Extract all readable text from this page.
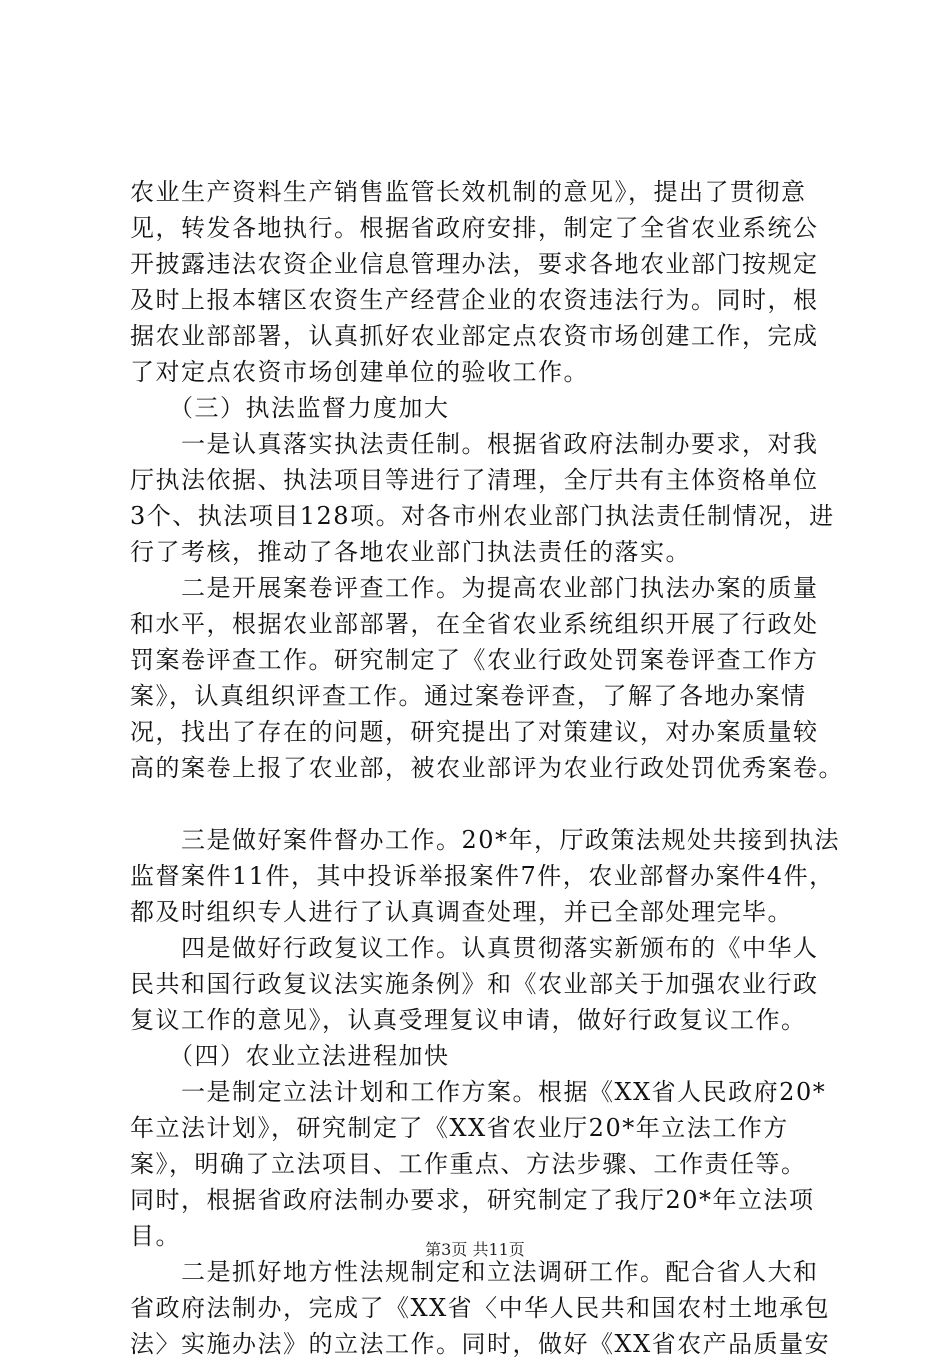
农业生产资料生产销售监管长效机制的意见》，提出了贯彻意
见，转发各地执行。根据省政府安排，制定了全省农业系统公
开披露违法农资企业信息管理办法，要求各地农业部门按规定
及时上报本辖区农资生产经营企业的农资违法行为。同时，根
据农业部部署，认真抓好农业部定点农资市场创建工作，完成
了对定点农资市场创建单位的验收工作。
　　（三）执法监督力度加大
　　一是认真落实执法责任制。根据省政府法制办要求，对我
厅执法依据、执法项目等进行了清理，全厅共有主体资格单位
3个、执法项目128项。对各市州农业部门执法责任制情况，进
行了考核，推动了各地农业部门执法责任的落实。
　　二是开展案卷评查工作。为提高农业部门执法办案的质量
和水平，根据农业部部署，在全省农业系统组织开展了行政处
罚案卷评查工作。研究制定了《农业行政处罚案卷评查工作方
案》，认真组织评查工作。通过案卷评查，了解了各地办案情
况，找出了存在的问题，研究提出了对策建议，对办案质量较
高的案卷上报了农业部，被农业部评为农业行政处罚优秀案卷。
　　三是做好案件督办工作。20*年，厅政策法规处共接到执法
监督案件11件，其中投诉举报案件7件，农业部督办案件4件，
都及时组织专人进行了认真调查处理，并已全部处理完毕。
　　四是做好行政复议工作。认真贯彻落实新颁布的《中华人
民共和国行政复议法实施条例》和《农业部关于加强农业行政
复议工作的意见》，认真受理复议申请，做好行政复议工作。
　　（四）农业立法进程加快
　　一是制定立法计划和工作方案。根据《XX省人民政府20*
年立法计划》，研究制定了《XX省农业厅20*年立法工作方
案》，明确了立法项目、工作重点、方法步骤、工作责任等。
同时，根据省政府法制办要求，研究制定了我厅20*年立法项
目。
　　二是抓好地方性法规制定和立法调研工作。配合省人大和
省政府法制办，完成了《XX省〈中华人民共和国农村土地承包
法〉实施办法》的立法工作。同时，做好《XX省农产品质量安
第3页 共11页
